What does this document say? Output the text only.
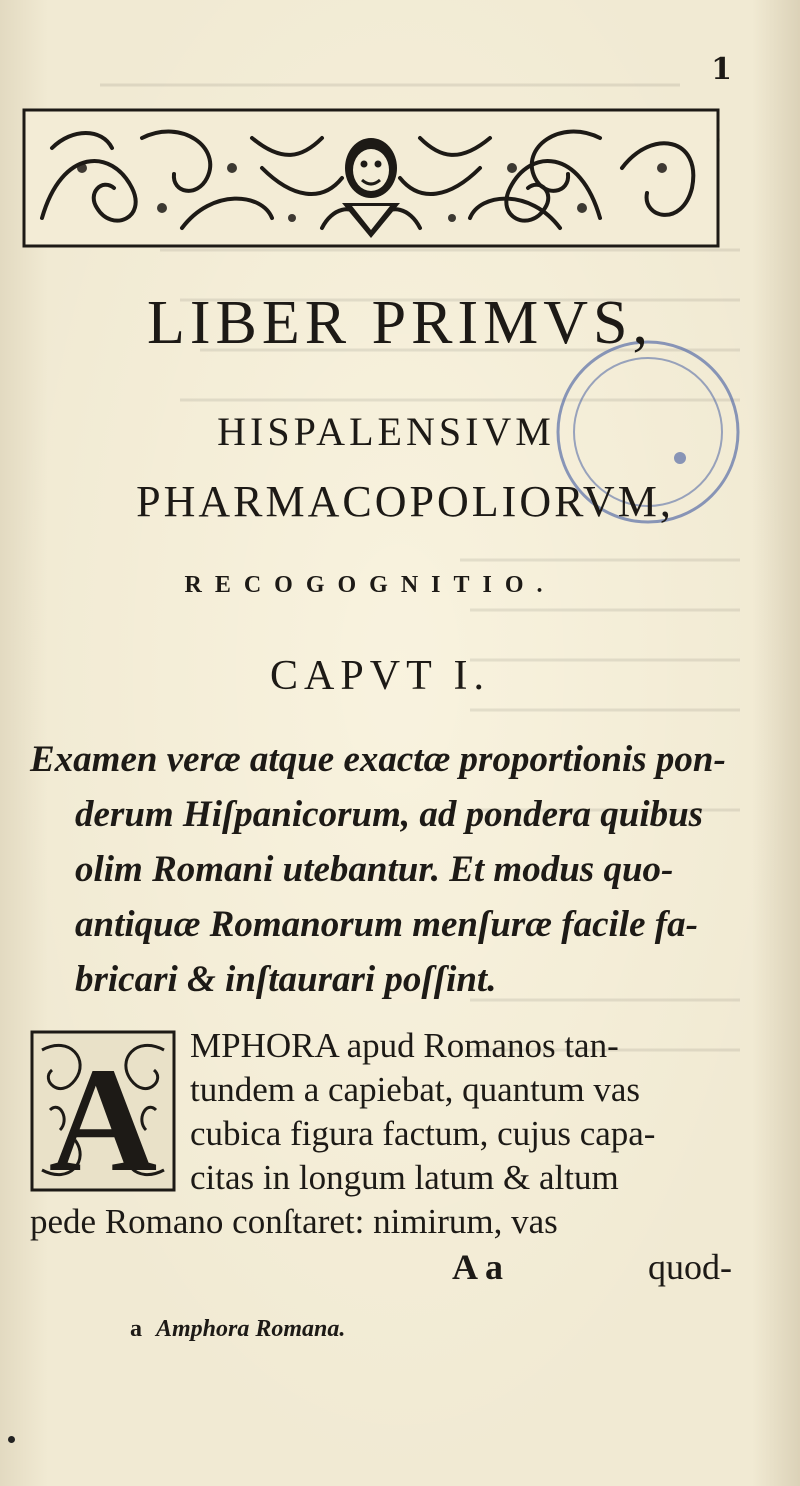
1
LIBER PRIMVS,
HISPALENSIVM
PHARMACOPOLIORVM,
RECOGOGNITIO.
CAPVT I.
Examen veræ atque exactæ proportionis pon-
derum Hiſpanicorum, ad pondera quibus
olim Romani utebantur. Et modus quo-
antiquæ Romanorum menſuræ facile fa-
bricari & inſtaurari poſſint.
A MPHORA apud Romanos tan-
tundem a capiebat, quantum vas
cubica figura factum, cujus capa-
citas in longum latum & altum
pede Romano conſtaret: nimirum, vas
A a	quod-
a Amphora Romana.
